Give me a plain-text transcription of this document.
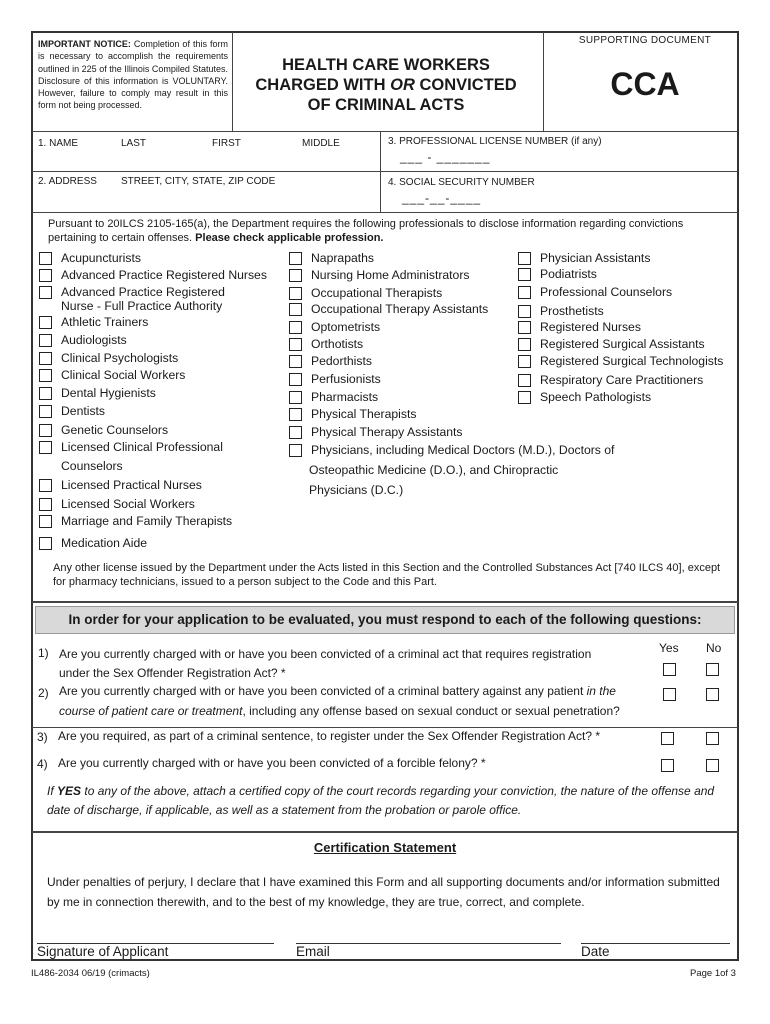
IMPORTANT NOTICE: Completion of this form is necessary to accomplish the requirements outlined in 225 of the Illinois Compiled Statutes. Disclosure of this information is VOLUNTARY. However, failure to comply may result in this form not being processed.
HEALTH CARE WORKERS
CHARGED WITH OR CONVICTED
OF CRIMINAL ACTS
SUPPORTING DOCUMENT
CCA
1. NAME	LAST	FIRST	MIDDLE	3. PROFESSIONAL LICENSE NUMBER (if any)
___ - _______
2. ADDRESS STREET, CITY, STATE, ZIP CODE	4. SOCIAL SECURITY NUMBER
___-__-____
Pursuant to 20ILCS 2105-165(a), the Department requires the following professionals to disclose information regarding convictions pertaining to certain offenses. Please check applicable profession.
Acupuncturists
Advanced Practice Registered Nurses
Advanced Practice Registered
Nurse - Full Practice Authority
Athletic Trainers
Audiologists
Clinical Psychologists
Clinical Social Workers
Dental Hygienists
Dentists
Genetic Counselors
Licensed Clinical Professional
Counselors
Licensed Practical Nurses
Licensed Social Workers
Marriage and Family Therapists
Medication Aide
Naprapaths
Nursing Home Administrators
Occupational Therapists
Occupational Therapy Assistants
Optometrists
Orthotists
Pedorthists
Perfusionists
Pharmacists
Physical Therapists
Physical Therapy Assistants
Physicians, including Medical Doctors (M.D.), Doctors of
Osteopathic Medicine (D.O.), and Chiropractic
Physicians (D.C.)
Physician Assistants
Podiatrists
Professional Counselors
Prosthetists
Registered Nurses
Registered Surgical Assistants
Registered Surgical Technologists
Respiratory Care Practitioners
Speech Pathologists
Any other license issued by the Department under the Acts listed in this Section and the Controlled Substances Act [740 ILCS 40], except for pharmacy technicians, issued to a person subject to the Code and this Part.
In order for your application to be evaluated, you must respond to each of the following questions:
Yes No
1) Are you currently charged with or have you been convicted of a criminal act that requires registration
under the Sex Offender Registration Act? *
2) Are you currently charged with or have you been convicted of a criminal battery against any patient in the
course of patient care or treatment, including any offense based on sexual conduct or sexual penetration?
3) Are you required, as part of a criminal sentence, to register under the Sex Offender Registration Act? *
4) Are you currently charged with or have you been convicted of a forcible felony? *
If YES to any of the above, attach a certified copy of the court records regarding your conviction, the nature of the offense and date of discharge, if applicable, as well as a statement from the probation or parole office.
Certification Statement
Under penalties of perjury, I declare that I have examined this Form and all supporting documents and/or information submitted by me in connection therewith, and to the best of my knowledge, they are true, correct, and complete.
Signature of Applicant	Email	Date
IL486-2034 06/19 (crimacts)	Page 1of 3
